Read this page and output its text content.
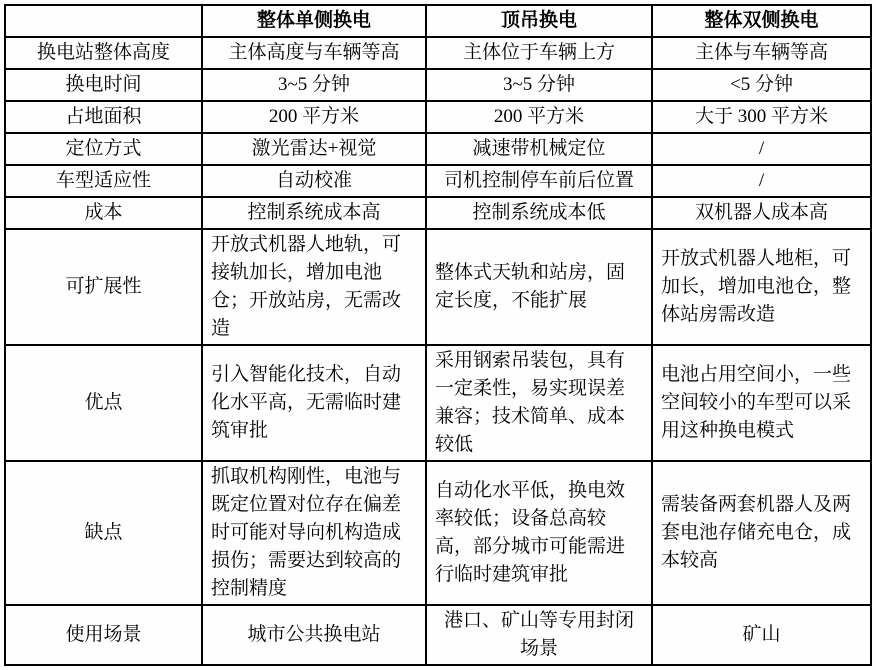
	整体单侧换电	顶吊换电	整体双侧换电
换电站整体高度	主体高度与车辆等高	主体位于车辆上方	主体与车辆等高
换电时间	3~5 分钟	3~5 分钟	<5 分钟
占地面积	200 平方米	200 平方米	大于 300 平方米
定位方式	激光雷达+视觉	减速带机械定位	/
车型适应性	自动校准	司机控制停车前后位置	/
成本	控制系统成本高	控制系统成本低	双机器人成本高
可扩展性	开放式机器人地轨，可接轨加长，增加电池仓；开放站房，无需改造	整体式天轨和站房，固定长度，不能扩展	开放式机器人地柜，可加长，增加电池仓，整体站房需改造
优点	引入智能化技术，自动化水平高，无需临时建筑审批	采用钢索吊装包，具有一定柔性，易实现误差兼容；技术简单、成本较低	电池占用空间小，一些空间较小的车型可以采用这种换电模式
缺点	抓取机构刚性，电池与既定位置对位存在偏差时可能对导向机构造成损伤；需要达到较高的控制精度	自动化水平低，换电效率较低；设备总高较高，部分城市可能需进行临时建筑审批	需装备两套机器人及两套电池存储充电仓，成本较高
使用场景	城市公共换电站	港口、矿山等专用封闭场景	矿山
